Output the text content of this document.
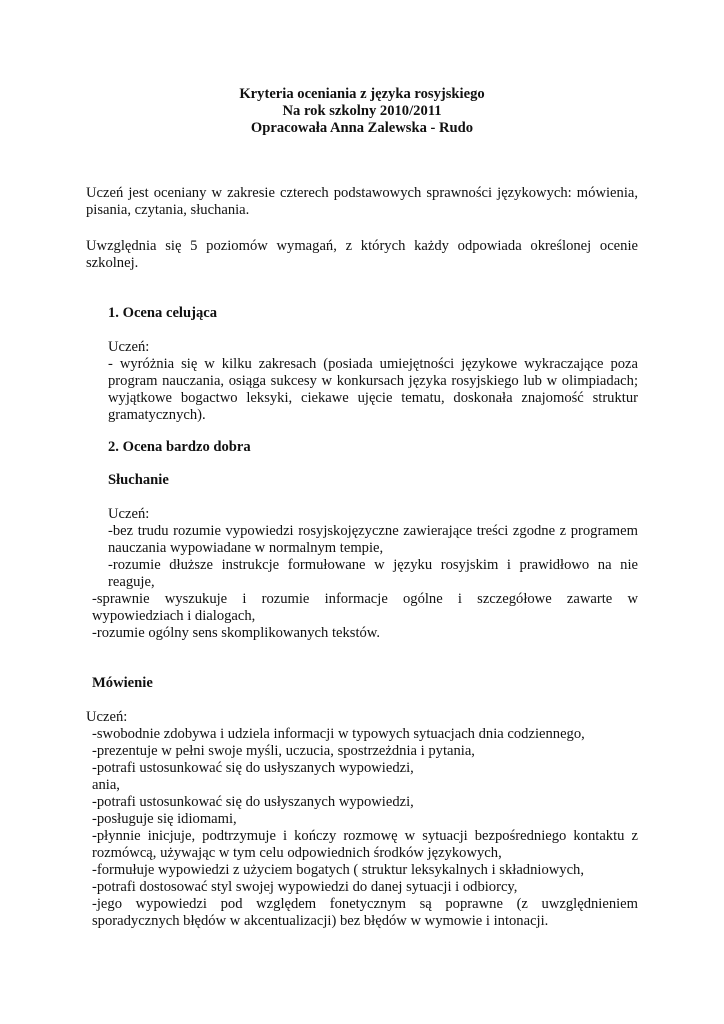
Kryteria oceniania z języka rosyjskiego
Na rok szkolny 2010/2011
Opracowała Anna Zalewska - Rudo
Uczeń jest oceniany w zakresie czterech podstawowych sprawności językowych: mówienia,
pisania, czytania, słuchania.
Uwzględnia się 5 poziomów wymagań, z których każdy odpowiada określonej ocenie
szkolnej.
1. Ocena celująca
Uczeń:
- wyróżnia się w kilku zakresach (posiada umiejętności językowe wykraczające poza
program nauczania, osiąga sukcesy w konkursach języka rosyjskiego lub w olimpiadach;
wyjątkowe bogactwo leksyki, ciekawe ujęcie tematu, doskonała znajomość struktur
gramatycznych).
2. Ocena bardzo dobra
Słuchanie
Uczeń:
-bez trudu rozumie vypowiedzi rosyjskojęzyczne zawierające treści zgodne z programem
nauczania wypowiadane w normalnym tempie,
-rozumie dłuższe instrukcje formułowane w języku rosyjskim i prawidłowo na nie
reaguje,
-sprawnie wyszukuje i rozumie informacje ogólne i szczegółowe zawarte w
wypowiedziach i dialogach,
-rozumie ogólny sens skomplikowanych tekstów.
Mówienie
Uczeń:
-swobodnie zdobywa i udziela informacji w typowych sytuacjach dnia codziennego,
-prezentuje w pełni swoje myśli, uczucia, spostrzeżdnia i pytania,
-potrafi ustosunkować się do usłyszanych wypowiedzi,
ania,
-potrafi ustosunkować się do usłyszanych wypowiedzi,
-posługuje się idiomami,
-płynnie inicjuje, podtrzymuje i kończy rozmowę w sytuacji bezpośredniego kontaktu z
rozmówcą, używając w tym celu odpowiednich środków językowych,
-formułuje wypowiedzi z użyciem bogatych ( struktur leksykalnych i składniowych,
-potrafi dostosować styl swojej wypowiedzi do danej sytuacji i odbiorcy,
-jego wypowiedzi pod względem fonetycznym są poprawne (z uwzględnieniem
sporadycznych błędów w akcentualizacji) bez błędów w wymowie i intonacji.
